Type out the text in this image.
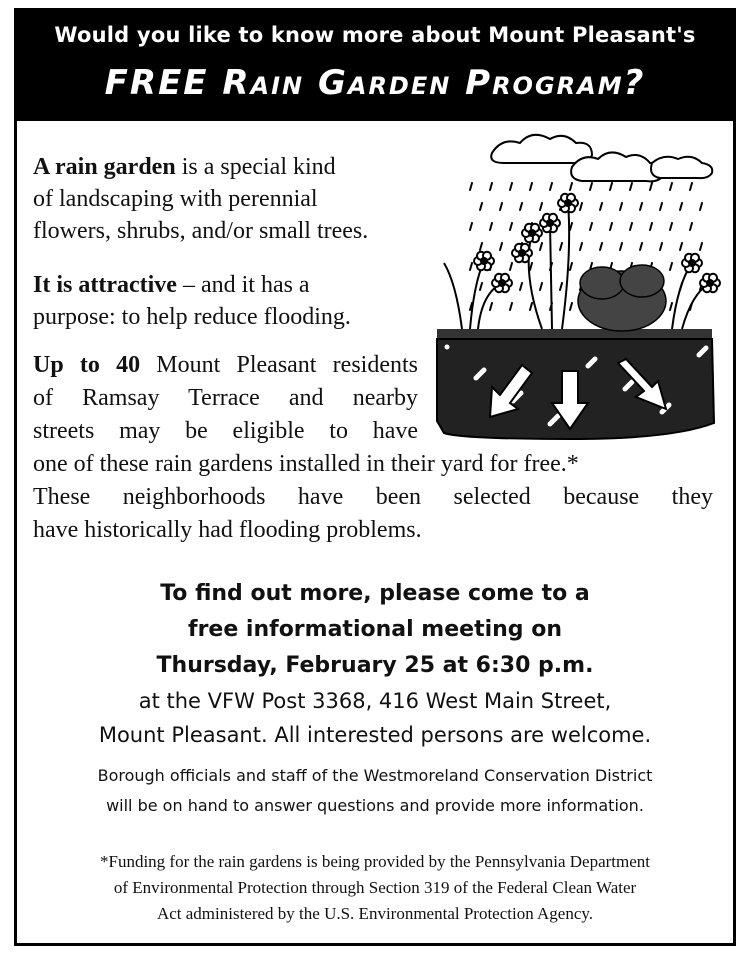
Would you like to know more about Mount Pleasant's
FREE Rain Garden Program?
A rain garden is a special kind
of landscaping with perennial
flowers, shrubs, and/or small trees.
It is attractive – and it has a
purpose: to help reduce flooding.
Up to 40 Mount Pleasant residents
of Ramsay Terrace and nearby
streets may be eligible to have
one of these rain gardens installed in their yard for free.*
These neighborhoods have been selected because they
have historically had flooding problems.
To find out more, please come to a
free informational meeting on
Thursday, February 25 at 6:30 p.m.
at the VFW Post 3368, 416 West Main Street,
Mount Pleasant. All interested persons are welcome.
Borough officials and staff of the Westmoreland Conservation District
will be on hand to answer questions and provide more information.
*Funding for the rain gardens is being provided by the Pennsylvania Department
of Environmental Protection through Section 319 of the Federal Clean Water
Act administered by the U.S. Environmental Protection Agency.
